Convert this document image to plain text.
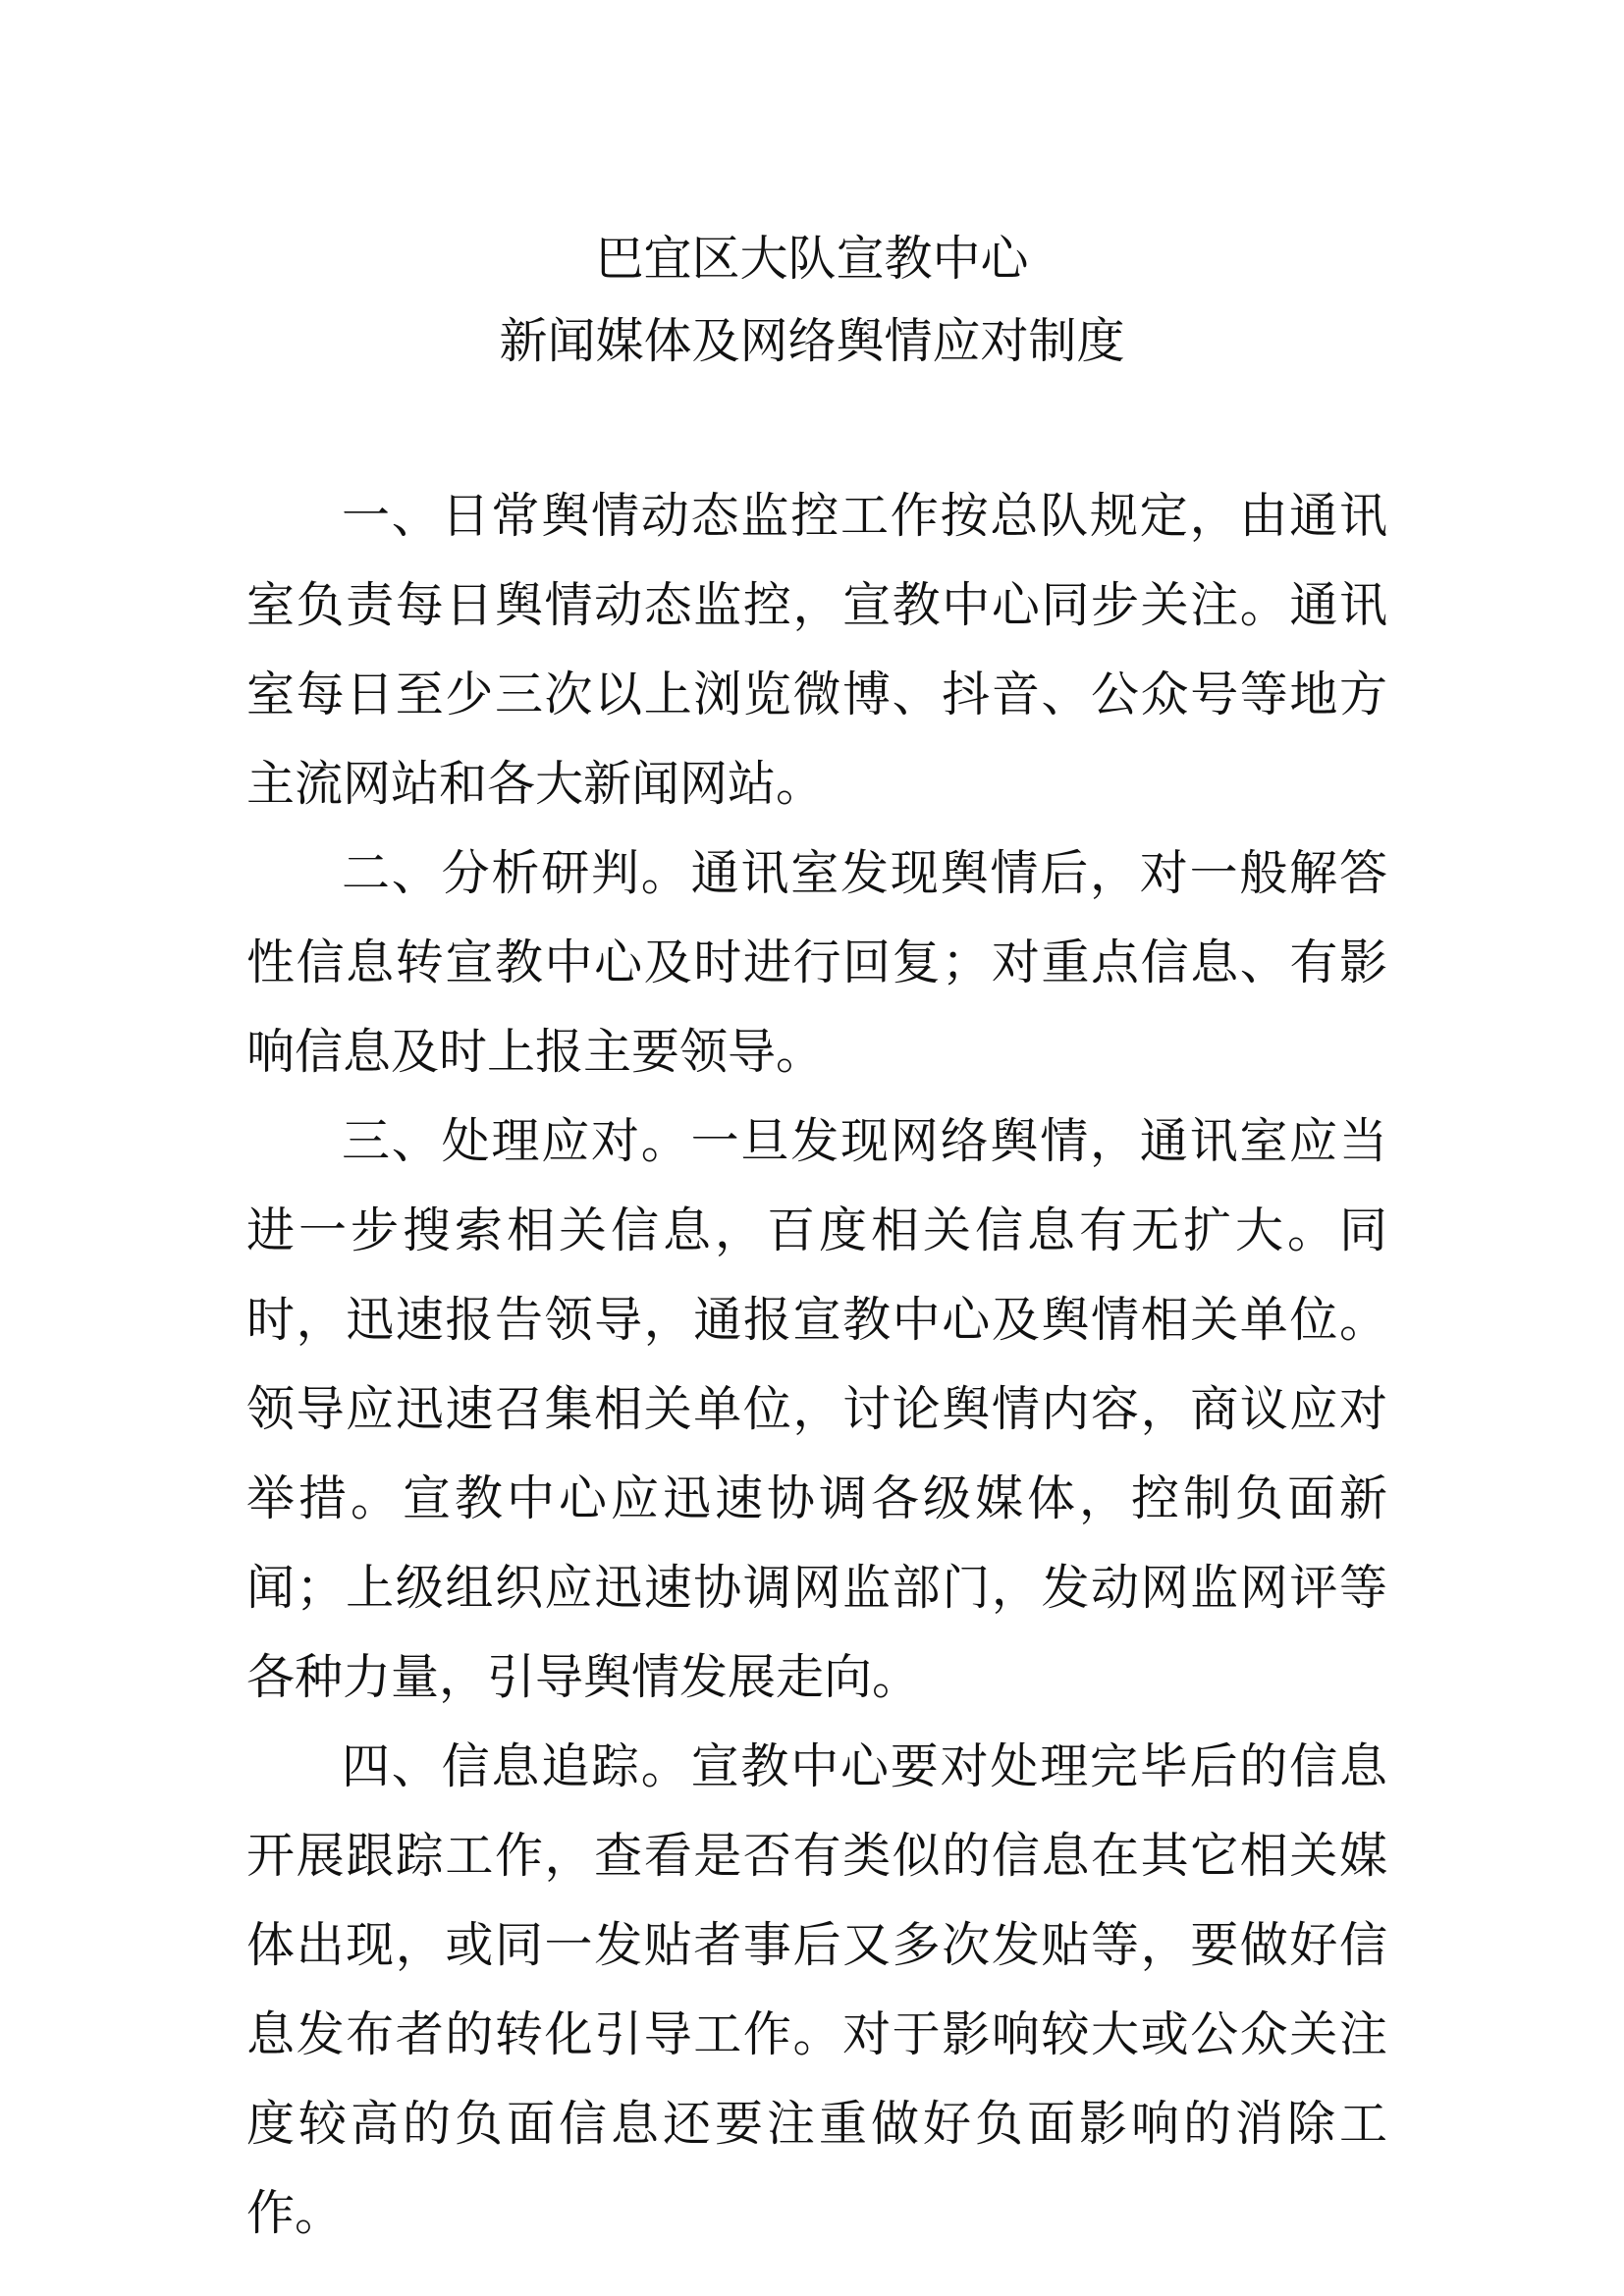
巴宜区大队宣教中心

新闻媒体及网络舆情应对制度

一、日常舆情动态监控工作按总队规定，由通讯室负责每日舆情动态监控，宣教中心同步关注。通讯室每日至少三次以上浏览微博、抖音、公众号等地方主流网站和各大新闻网站。

二、分析研判。通讯室发现舆情后，对一般解答性信息转宣教中心及时进行回复；对重点信息、有影响信息及时上报主要领导。

三、处理应对。一旦发现网络舆情，通讯室应当进一步搜索相关信息，百度相关信息有无扩大。同时，迅速报告领导，通报宣教中心及舆情相关单位。领导应迅速召集相关单位，讨论舆情内容，商议应对举措。宣教中心应迅速协调各级媒体，控制负面新闻；上级组织应迅速协调网监部门，发动网监网评等各种力量，引导舆情发展走向。

四、信息追踪。宣教中心要对处理完毕后的信息开展跟踪工作，查看是否有类似的信息在其它相关媒体出现，或同一发贴者事后又多次发贴等，要做好信息发布者的转化引导工作。对于影响较大或公众关注度较高的负面信息还要注重做好负面影响的消除工作。
